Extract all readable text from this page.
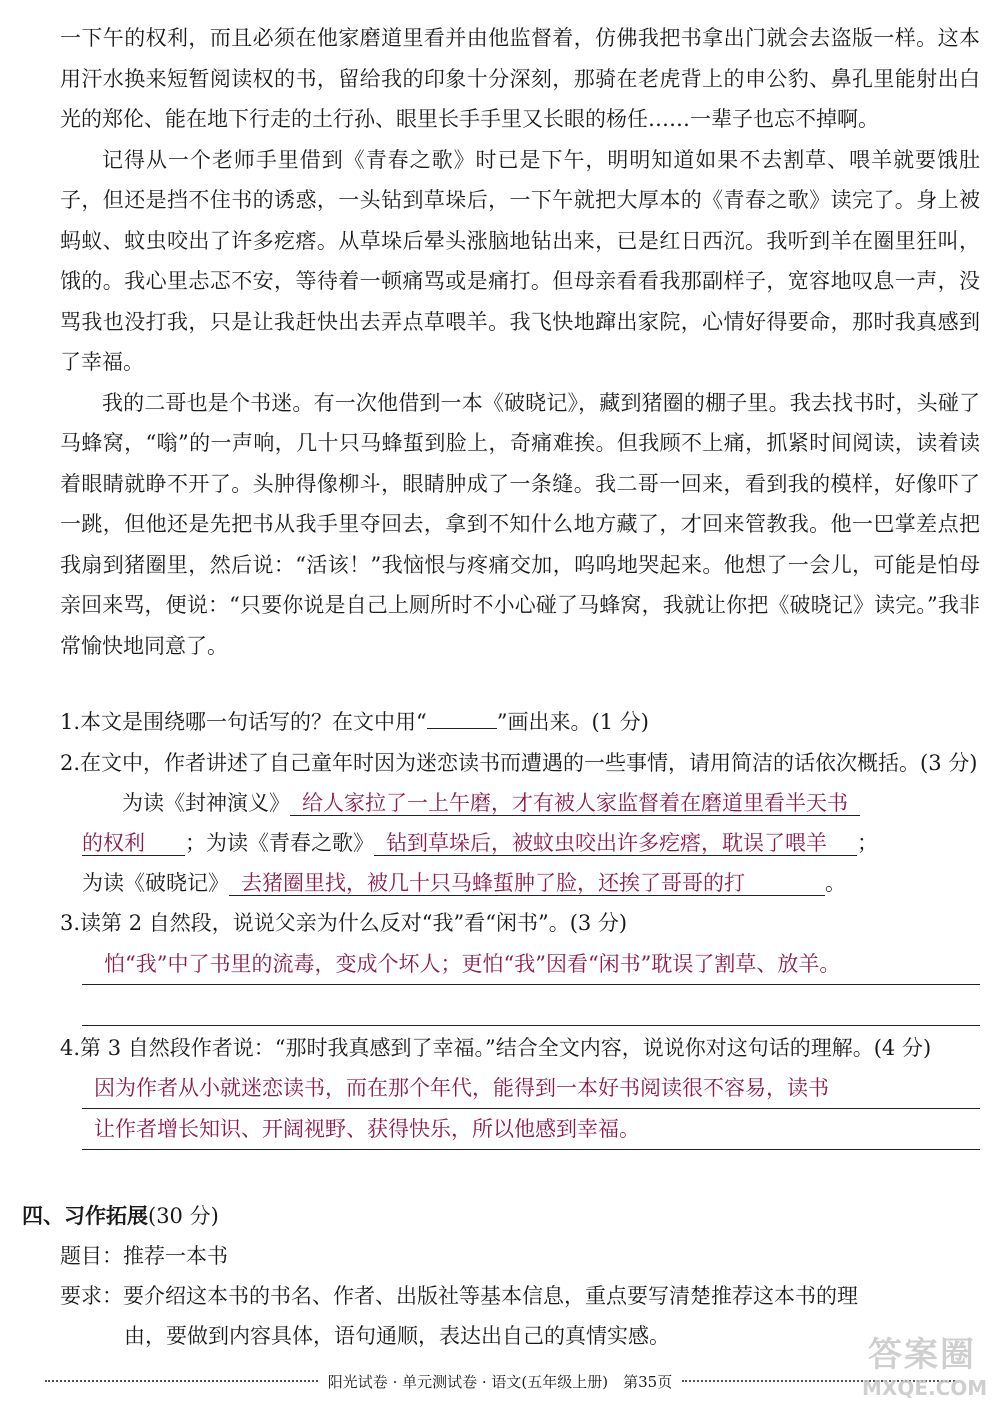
一下午的权利，而且必须在他家磨道里看并由他监督着，仿佛我把书拿出门就会去盗版一样。这本用汗水换来短暂阅读权的书，留给我的印象十分深刻，那骑在老虎背上的申公豹、鼻孔里能射出白光的郑伦、能在地下行走的土行孙、眼里长手手里又长眼的杨任……一辈子也忘不掉啊。

记得从一个老师手里借到《青春之歌》时已是下午，明明知道如果不去割草、喂羊就要饿肚子，但还是挡不住书的诱惑，一头钻到草垛后，一下午就把大厚本的《青春之歌》读完了。身上被蚂蚁、蚊虫咬出了许多疙瘩。从草垛后晕头涨脑地钻出来，已是红日西沉。我听到羊在圈里狂叫，饿的。我心里忐忑不安，等待着一顿痛骂或是痛打。但母亲看看我那副样子，宽容地叹息一声，没骂我也没打我，只是让我赶快出去弄点草喂羊。我飞快地蹿出家院，心情好得要命，那时我真感到了幸福。

我的二哥也是个书迷。有一次他借到一本《破晓记》，藏到猪圈的棚子里。我去找书时，头碰了马蜂窝，“嗡”的一声响，几十只马蜂蜇到脸上，奇痛难挨。但我顾不上痛，抓紧时间阅读，读着读着眼睛就睁不开了。头肿得像柳斗，眼睛肿成了一条缝。我二哥一回来，看到我的模样，好像吓了一跳，但他还是先把书从我手里夺回去，拿到不知什么地方藏了，才回来管教我。他一巴掌差点把我扇到猪圈里，然后说：“活该！”我恼恨与疼痛交加，呜呜地哭起来。他想了一会儿，可能是怕母亲回来骂，便说：“只要你说是自己上厕所时不小心碰了马蜂窝，我就让你把《破晓记》读完。”我非常愉快地同意了。

1.本文是围绕哪一句话写的？在文中用“	”画出来。(1 分)

2.在文中，作者讲述了自己童年时因为迷恋读书而遭遇的一些事情，请用简洁的话依次概括。(3 分)

为读《封神演义》 给人家拉了一上午磨，才有被人家监督着在磨道里看半天书
的权利 ；为读《青春之歌》 钻到草垛后，被蚊虫咬出许多疙瘩，耽误了喂羊 ；
为读《破晓记》 去猪圈里找，被几十只马蜂蜇肿了脸，还挨了哥哥的打	。

3.读第 2 自然段，说说父亲为什么反对“我”看“闲书”。(3 分)

怕“我”中了书里的流毒，变成个坏人；更怕“我”因看“闲书”耽误了割草、放羊。

4.第 3 自然段作者说：“那时我真感到了幸福。”结合全文内容，说说你对这句话的理解。(4 分)

因为作者从小就迷恋读书，而在那个年代，能得到一本好书阅读很不容易，读书
让作者增长知识、开阔视野、获得快乐，所以他感到幸福。
四、习作拓展(30 分)
题目：推荐一本书
要求：要介绍这本书的书名、作者、出版社等基本信息，重点要写清楚推荐这本书的理
由，要做到内容具体，语句通顺，表达出自己的真情实感。
阳光试卷 · 单元测试卷 · 语文(五年级上册)　第35页
答案圈
MXQE.COM
